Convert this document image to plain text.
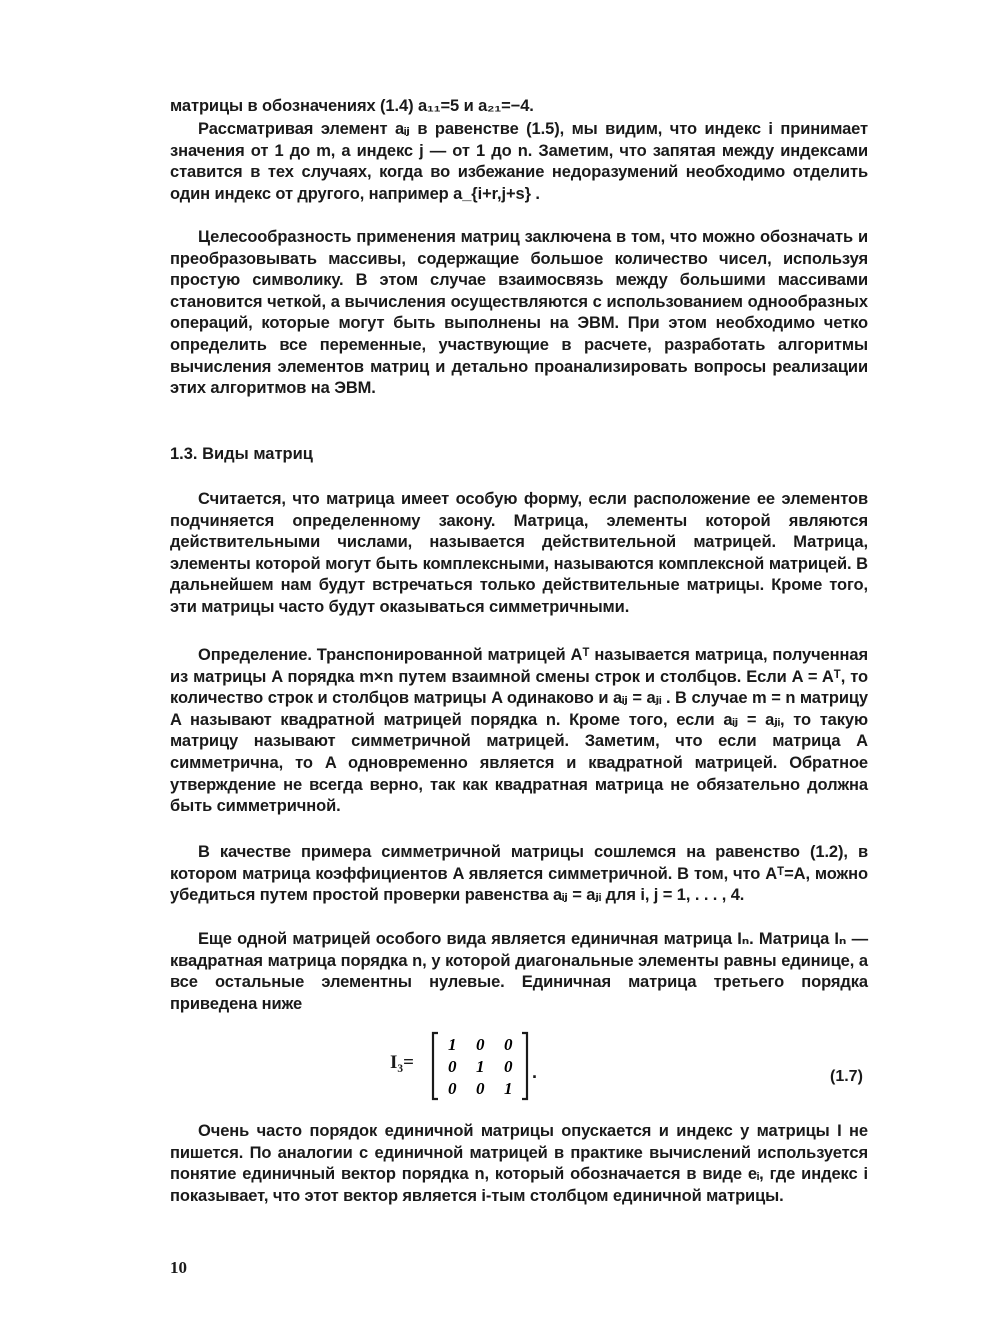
матрицы в обозначениях (1.4) a₁₁=5 и a₂₁=−4.

Рассматривая элемент aᵢⱼ в равенстве (1.5), мы видим, что индекс i принимает значения от 1 до m, а индекс j — от 1 до n. Заметим, что запятая между индексами ставится в тех случаях, когда во избежание недоразумений необходимо отделить один индекс от другого, например a_{i+r,j+s} .

Целесообразность применения матриц заключена в том, что можно обозначать и преобразовывать массивы, содержащие большое количество чисел, используя простую символику. В этом случае взаимосвязь между большими массивами становится четкой, а вычисления осуществляются с использованием однообразных операций, которые могут быть выполнены на ЭВМ. При этом необходимо четко определить все переменные, участвующие в расчете, разработать алгоритмы вычисления элементов матриц и детально проанализировать вопросы реализации этих алгоритмов на ЭВМ.

1.3. Виды матриц

Считается, что матрица имеет особую форму, если расположение ее элементов подчиняется определенному закону. Матрица, элементы которой являются действительными числами, называется действительной матрицей. Матрица, элементы которой могут быть комплексными, называются комплексной матрицей. В дальнейшем нам будут встречаться только действительные матрицы. Кроме того, эти матрицы часто будут оказываться симметричными.

Определение. Транспонированной матрицей Aᵀ называется матрица, полученная из матрицы A порядка m×n путем взаимной смены строк и столбцов. Если A = Aᵀ, то количество строк и столбцов матрицы A одинаково и aᵢⱼ = aⱼᵢ . В случае m = n матрицу A называют квадратной матрицей порядка n. Кроме того, если aᵢⱼ = aⱼᵢ, то такую матрицу называют симметричной матрицей. Заметим, что если матрица A симметрична, то A одновременно является и квадратной матрицей. Обратное утверждение не всегда верно, так как квадратная матрица не обязательно должна быть симметричной.

В качестве примера симметричной матрицы сошлемся на равенство (1.2), в котором матрица коэффициентов A является симметричной. В том, что Aᵀ=A, можно убедиться путем простой проверки равенства aᵢⱼ = aⱼᵢ для i, j = 1, . . . , 4.

Еще одной матрицей особого вида является единичная матрица Iₙ. Матрица Iₙ — квадратная матрица порядка n, у которой диагональные элементы равны единице, а все остальные элементны нулевые. Единичная матрица третьего порядка приведена ниже

I₃=
1 0 0
0 1 0
0 0 1
.	(1.7)

Очень часто порядок единичной матрицы опускается и индекс у матрицы I не пишется. По аналогии с единичной матрицей в практике вычислений используется понятие единичный вектор порядка n, который обозначается в виде eᵢ, где индекс i показывает, что этот вектор является i-тым столбцом единичной матрицы.

10
